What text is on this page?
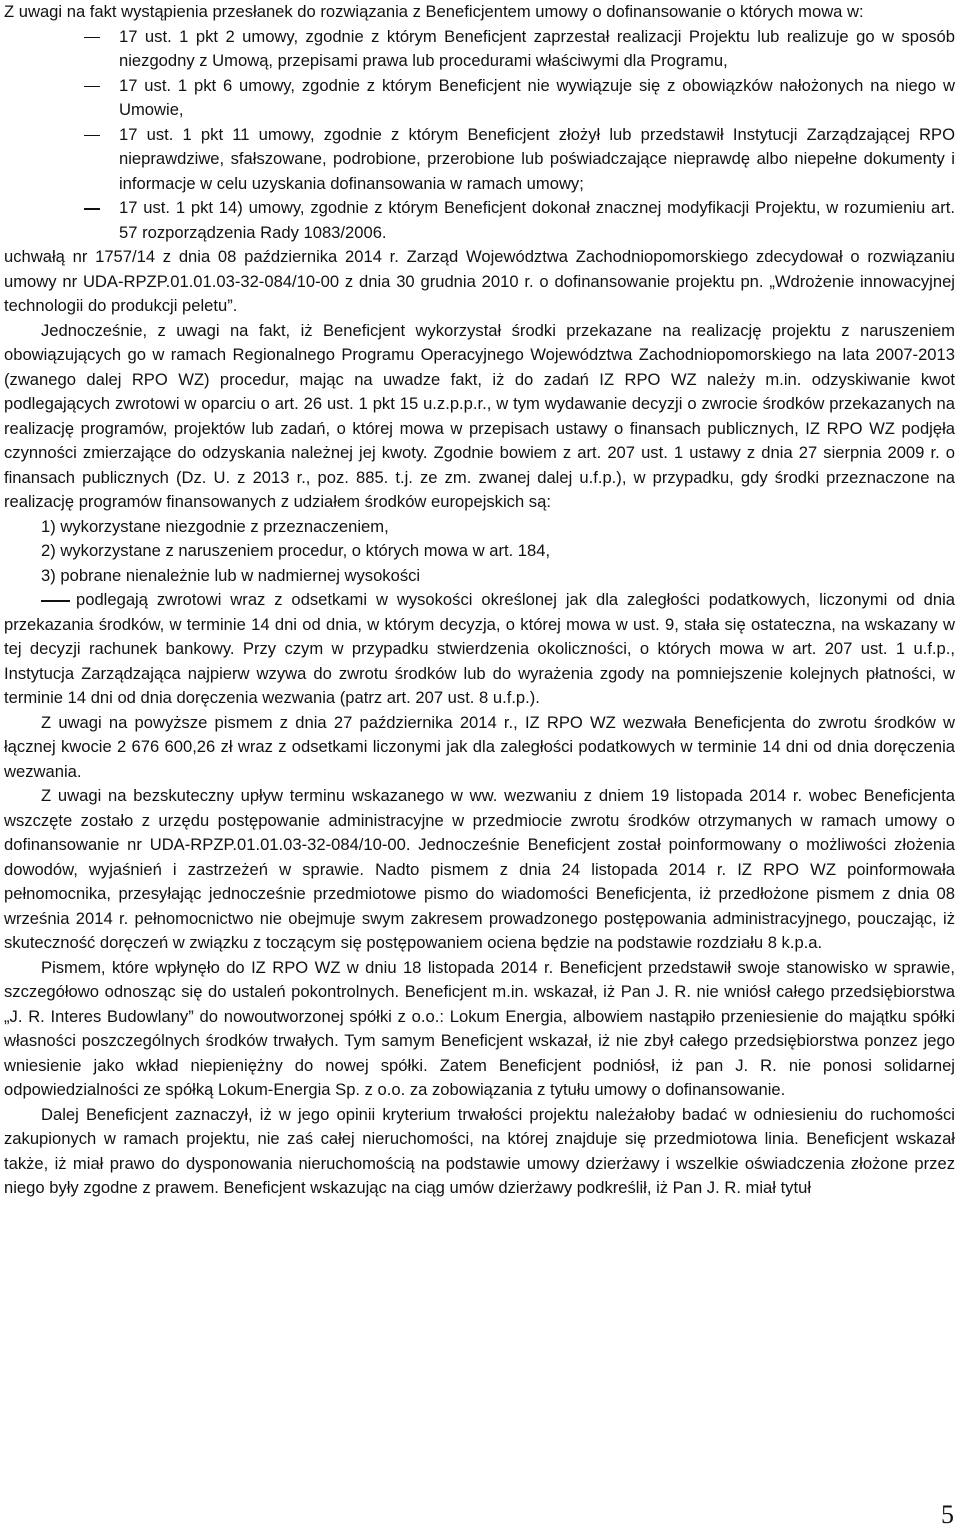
Z uwagi na fakt wystąpienia przesłanek do rozwiązania z Beneficjentem umowy o dofinansowanie o których mowa w:

17 ust. 1 pkt 2 umowy, zgodnie z którym Beneficjent zaprzestał realizacji Projektu lub realizuje go w sposób niezgodny z Umową, przepisami prawa lub procedurami właściwymi dla Programu,
17 ust. 1 pkt 6 umowy, zgodnie z którym Beneficjent nie wywiązuje się z obowiązków nałożonych na niego w Umowie,
17 ust. 1 pkt 11 umowy, zgodnie z którym Beneficjent złożył lub przedstawił Instytucji Zarządzającej RPO nieprawdziwe, sfałszowane, podrobione, przerobione lub poświadczające nieprawdę albo niepełne dokumenty i informacje w celu uzyskania dofinansowania w ramach umowy;
17 ust. 1 pkt 14) umowy, zgodnie z którym Beneficjent dokonał znacznej modyfikacji Projektu, w rozumieniu art. 57 rozporządzenia Rady 1083/2006.

uchwałą nr 1757/14 z dnia 08 października 2014 r. Zarząd Województwa Zachodniopomorskiego zdecydował o rozwiązaniu umowy nr UDA-RPZP.01.01.03-32-084/10-00 z dnia 30 grudnia 2010 r. o dofinansowanie projektu pn. „Wdrożenie innowacyjnej technologii do produkcji peletu”.

Jednocześnie, z uwagi na fakt, iż Beneficjent wykorzystał środki przekazane na realizację projektu z naruszeniem obowiązujących go w ramach Regionalnego Programu Operacyjnego Województwa Zachodniopomorskiego na lata 2007-2013 (zwanego dalej RPO WZ) procedur, mając na uwadze fakt, iż do zadań IZ RPO WZ należy m.in. odzyskiwanie kwot podlegających zwrotowi w oparciu o art. 26 ust. 1 pkt 15 u.z.p.p.r., w tym wydawanie decyzji o zwrocie środków przekazanych na realizację programów, projektów lub zadań, o której mowa w przepisach ustawy o finansach publicznych, IZ RPO WZ podjęła czynności zmierzające do odzyskania należnej jej kwoty. Zgodnie bowiem z art. 207 ust. 1 ustawy z dnia 27 sierpnia 2009 r. o finansach publicznych (Dz. U. z 2013 r., poz. 885. t.j. ze zm. zwanej dalej u.f.p.), w przypadku, gdy środki przeznaczone na realizację programów finansowanych z udziałem środków europejskich są:

1) wykorzystane niezgodnie z przeznaczeniem,
2) wykorzystane z naruszeniem procedur, o których mowa w art. 184,
3) pobrane nienależnie lub w nadmiernej wysokości

podlegają zwrotowi wraz z odsetkami w wysokości określonej jak dla zaległości podatkowych, liczonymi od dnia przekazania środków, w terminie 14 dni od dnia, w którym decyzja, o której mowa w ust. 9, stała się ostateczna, na wskazany w tej decyzji rachunek bankowy. Przy czym w przypadku stwierdzenia okoliczności, o których mowa w art. 207 ust. 1 u.f.p., Instytucja Zarządzająca najpierw wzywa do zwrotu środków lub do wyrażenia zgody na pomniejszenie kolejnych płatności, w terminie 14 dni od dnia doręczenia wezwania (patrz art. 207 ust. 8 u.f.p.).

Z uwagi na powyższe pismem z dnia 27 października 2014 r., IZ RPO WZ wezwała Beneficjenta do zwrotu środków w łącznej kwocie 2 676 600,26 zł wraz z odsetkami liczonymi jak dla zaległości podatkowych w terminie 14 dni od dnia doręczenia wezwania.

Z uwagi na bezskuteczny upływ terminu wskazanego w ww. wezwaniu z dniem 19 listopada 2014 r. wobec Beneficjenta wszczęte zostało z urzędu postępowanie administracyjne w przedmiocie zwrotu środków otrzymanych w ramach umowy o dofinansowanie nr UDA-RPZP.01.01.03-32-084/10-00. Jednocześnie Beneficjent został poinformowany o możliwości złożenia dowodów, wyjaśnień i zastrzeżeń w sprawie. Nadto pismem z dnia 24 listopada 2014 r. IZ RPO WZ poinformowała pełnomocnika, przesyłając jednocześnie przedmiotowe pismo do wiadomości Beneficjenta, iż przedłożone pismem z dnia 08 września 2014 r. pełnomocnictwo nie obejmuje swym zakresem prowadzonego postępowania administracyjnego, pouczając, iż skuteczność doręczeń w związku z toczącym się postępowaniem ociena będzie na podstawie rozdziału 8 k.p.a.

Pismem, które wpłynęło do IZ RPO WZ w dniu 18 listopada 2014 r. Beneficjent przedstawił swoje stanowisko w sprawie, szczegółowo odnosząc się do ustaleń pokontrolnych. Beneficjent m.in. wskazał, iż Pan J. R. nie wniósł całego przedsiębiorstwa „J. R. Interes Budowlany” do nowoutworzonej spółki z o.o.: Lokum Energia, albowiem nastąpiło przeniesienie do majątku spółki własności poszczególnych środków trwałych. Tym samym Beneficjent wskazał, iż nie zbył całego przedsiębiorstwa ponzez jego wniesienie jako wkład niepieniężny do nowej spółki. Zatem Beneficjent podniósł, iż pan J. R. nie ponosi solidarnej odpowiedzialności ze spółką Lokum-Energia Sp. z o.o. za zobowiązania z tytułu umowy o dofinansowanie.

Dalej Beneficjent zaznaczył, iż w jego opinii kryterium trwałości projektu należałoby badać w odniesieniu do ruchomości zakupionych w ramach projektu, nie zaś całej nieruchomości, na której znajduje się przedmiotowa linia. Beneficjent wskazał także, iż miał prawo do dysponowania nieruchomością na podstawie umowy dzierżawy i wszelkie oświadczenia złożone przez niego były zgodne z prawem. Beneficjent wskazując na ciąg umów dzierżawy podkreślił, iż Pan J. R. miał tytuł

5
